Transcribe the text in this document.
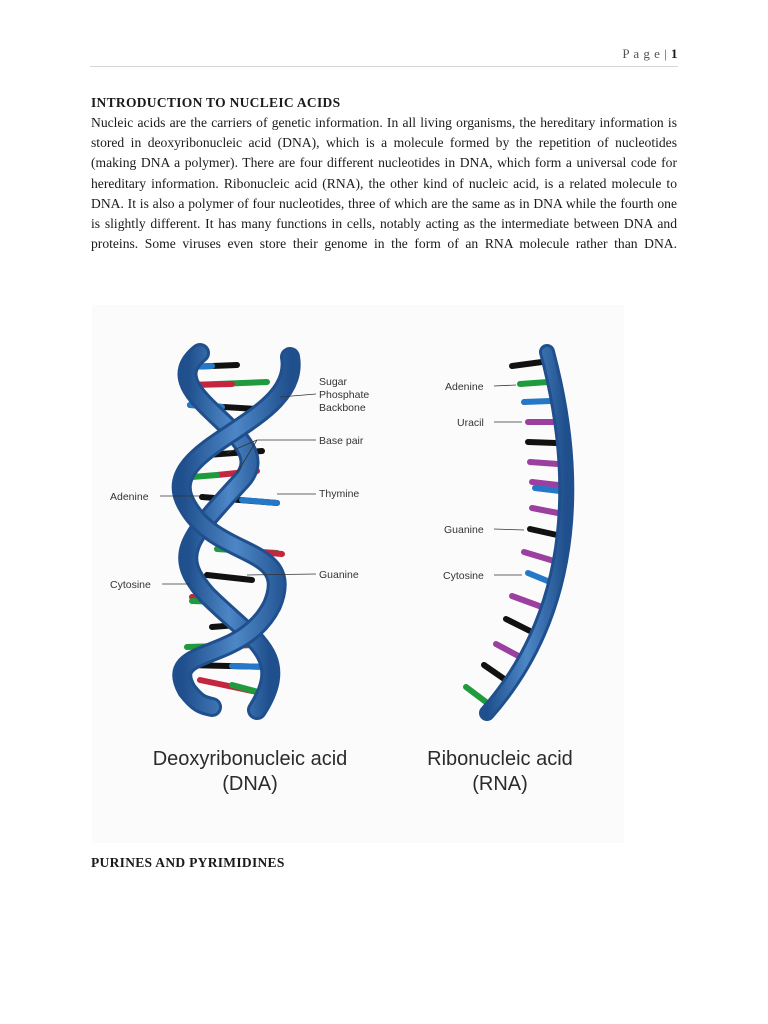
P a g e | 1
INTRODUCTION TO NUCLEIC ACIDS

Nucleic acids are the carriers of genetic information. In all living organisms, the hereditary information is stored in deoxyribonucleic acid (DNA), which is a molecule formed by the repetition of nucleotides (making DNA a polymer). There are four different nucleotides in DNA, which form a universal code for hereditary information. Ribonucleic acid (RNA), the other kind of nucleic acid, is a related molecule to DNA. It is also a polymer of four nucleotides, three of which are the same as in DNA while the fourth one is slightly different. It has many functions in cells, notably acting as the intermediate between DNA and proteins. Some viruses even store their genome in the form of an RNA molecule rather than DNA.

Sugar
Phosphate
Backbone
Base pair
Thymine
Adenine
Guanine
Cytosine
Adenine
Uracil
Guanine
Cytosine
Deoxyribonucleic acid
(DNA)
Ribonucleic acid
(RNA)
PURINES AND PYRIMIDINES
